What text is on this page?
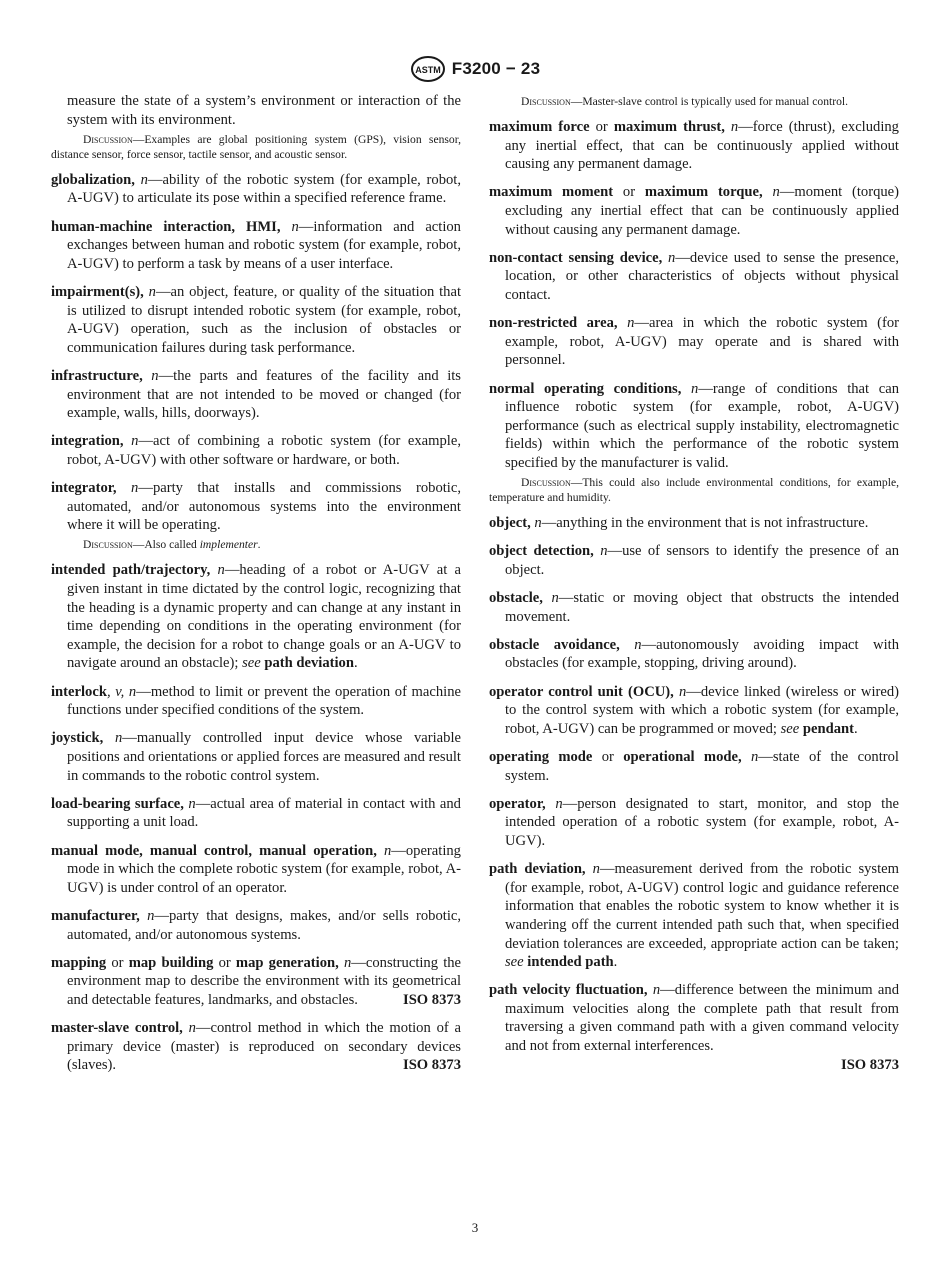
ASTM F3200 − 23

measure the state of a system’s environment or interaction of the system with its environment.

Discussion—Examples are global positioning system (GPS), vision sensor, distance sensor, force sensor, tactile sensor, and acoustic sensor.

globalization, n—ability of the robotic system (for example, robot, A-UGV) to articulate its pose within a specified reference frame.

human-machine interaction, HMI, n—information and action exchanges between human and robotic system (for example, robot, A-UGV) to perform a task by means of a user interface.

impairment(s), n—an object, feature, or quality of the situation that is utilized to disrupt intended robotic system (for example, robot, A-UGV) operation, such as the inclusion of obstacles or communication failures during task performance.

infrastructure, n—the parts and features of the facility and its environment that are not intended to be moved or changed (for example, walls, hills, doorways).

integration, n—act of combining a robotic system (for example, robot, A-UGV) with other software or hardware, or both.

integrator, n—party that installs and commissions robotic, automated, and/or autonomous systems into the environment where it will be operating.

Discussion—Also called implementer.

intended path/trajectory, n—heading of a robot or A-UGV at a given instant in time dictated by the control logic, recognizing that the heading is a dynamic property and can change at any instant in time depending on conditions in the operating environment (for example, the decision for a robot to change goals or an A-UGV to navigate around an obstacle); see path deviation.

interlock, v, n—method to limit or prevent the operation of machine functions under specified conditions of the system.

joystick, n—manually controlled input device whose variable positions and orientations or applied forces are measured and result in commands to the robotic control system.

load-bearing surface, n—actual area of material in contact with and supporting a unit load.

manual mode, manual control, manual operation, n—operating mode in which the complete robotic system (for example, robot, A-UGV) is under control of an operator.

manufacturer, n—party that designs, makes, and/or sells robotic, automated, and/or autonomous systems.

mapping or map building or map generation, n—constructing the environment map to describe the environment with its geometrical and detectable features, landmarks, and obstacles.	ISO 8373

master-slave control, n—control method in which the motion of a primary device (master) is reproduced on secondary devices (slaves).	ISO 8373

Discussion—Master-slave control is typically used for manual control.

maximum force or maximum thrust, n—force (thrust), excluding any inertial effect, that can be continuously applied without causing any permanent damage.

maximum moment or maximum torque, n—moment (torque) excluding any inertial effect that can be continuously applied without causing any permanent damage.

non-contact sensing device, n—device used to sense the presence, location, or other characteristics of objects without physical contact.

non-restricted area, n—area in which the robotic system (for example, robot, A-UGV) may operate and is shared with personnel.

normal operating conditions, n—range of conditions that can influence robotic system (for example, robot, A-UGV) performance (such as electrical supply instability, electromagnetic fields) within which the performance of the robotic system specified by the manufacturer is valid.

Discussion—This could also include environmental conditions, for example, temperature and humidity.

object, n—anything in the environment that is not infrastructure.

object detection, n—use of sensors to identify the presence of an object.

obstacle, n—static or moving object that obstructs the intended movement.

obstacle avoidance, n—autonomously avoiding impact with obstacles (for example, stopping, driving around).

operator control unit (OCU), n—device linked (wireless or wired) to the control system with which a robotic system (for example, robot, A-UGV) can be programmed or moved; see pendant.

operating mode or operational mode, n—state of the control system.

operator, n—person designated to start, monitor, and stop the intended operation of a robotic system (for example, robot, A-UGV).

path deviation, n—measurement derived from the robotic system (for example, robot, A-UGV) control logic and guidance reference information that enables the robotic system to know whether it is wandering off the current intended path such that, when specified deviation tolerances are exceeded, appropriate action can be taken; see intended path.

path velocity fluctuation, n—difference between the minimum and maximum velocities along the complete path that result from traversing a given command path with a given command velocity and not from external interferences.
ISO 8373

3
